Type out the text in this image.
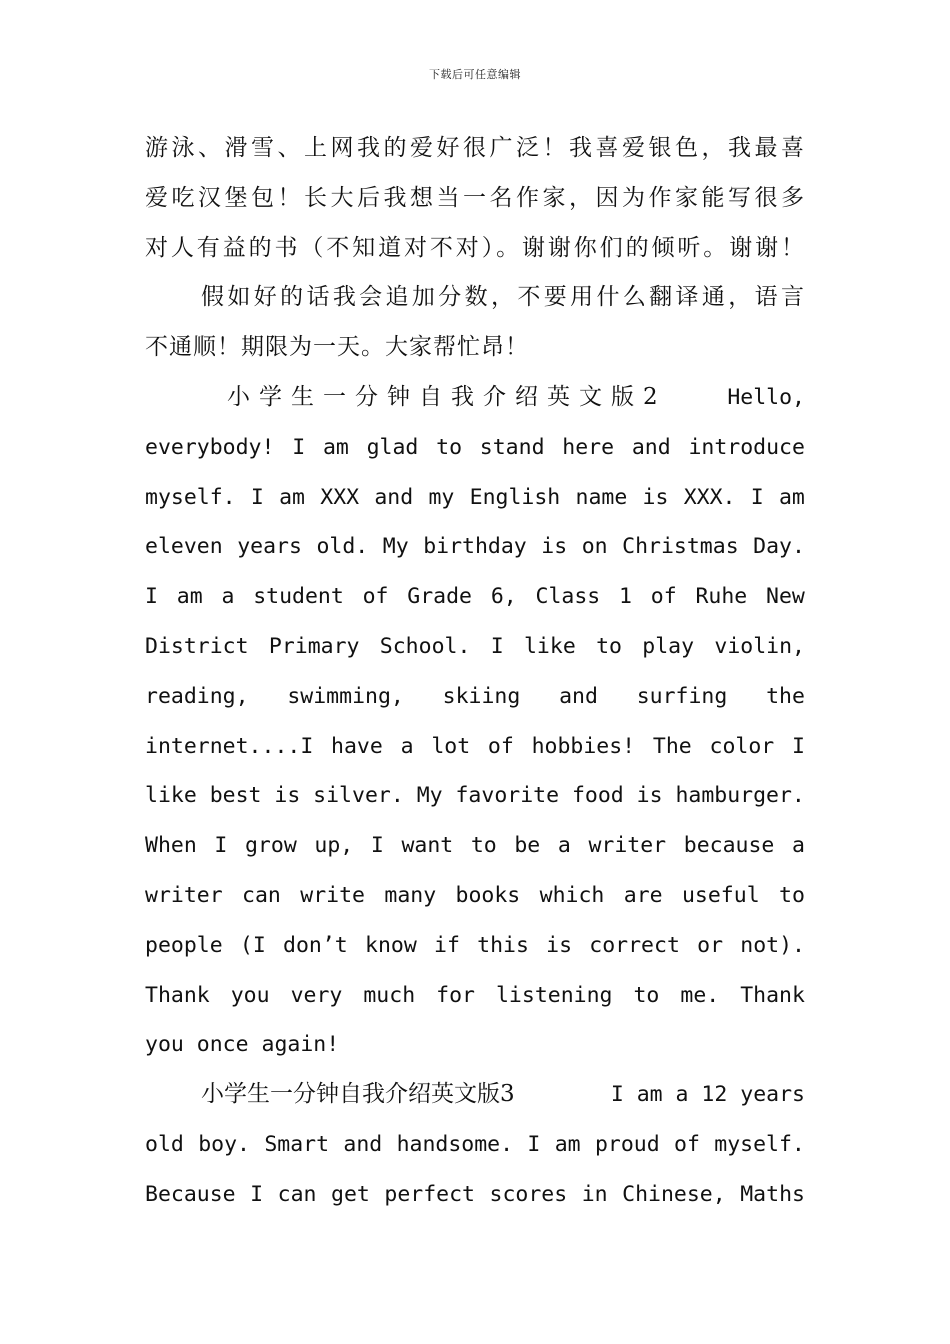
下载后可任意编辑
游泳、滑雪、上网我的爱好很广泛！我喜爱银色，我最喜
爱吃汉堡包！长大后我想当一名作家，因为作家能写很多
对人有益的书（不知道对不对）。谢谢你们的倾听。谢谢！
假如好的话我会追加分数，不要用什么翻译通，语言
不通顺！期限为一天。大家帮忙昂！
小学生一分钟自我介绍英文版2	Hello,
everybody! I am glad to stand here and introduce
myself. I am XXX and my English name is XXX. I am
eleven years old. My birthday is on Christmas Day.
I am a student of Grade 6, Class 1 of Ruhe New
District Primary School. I like to play violin,
reading, swimming, skiing and surfing the
internet....I have a lot of hobbies! The color I
like best is silver. My favorite food is hamburger.
When I grow up, I want to be a writer because a
writer can write many books which are useful to
people (I don’t know if this is correct or not).
Thank you very much for listening to me. Thank
you once again!
小学生一分钟自我介绍英文版3	I am a 12 years
old boy. Smart and handsome. I am proud of myself.
Because I can get perfect scores in Chinese, Maths
